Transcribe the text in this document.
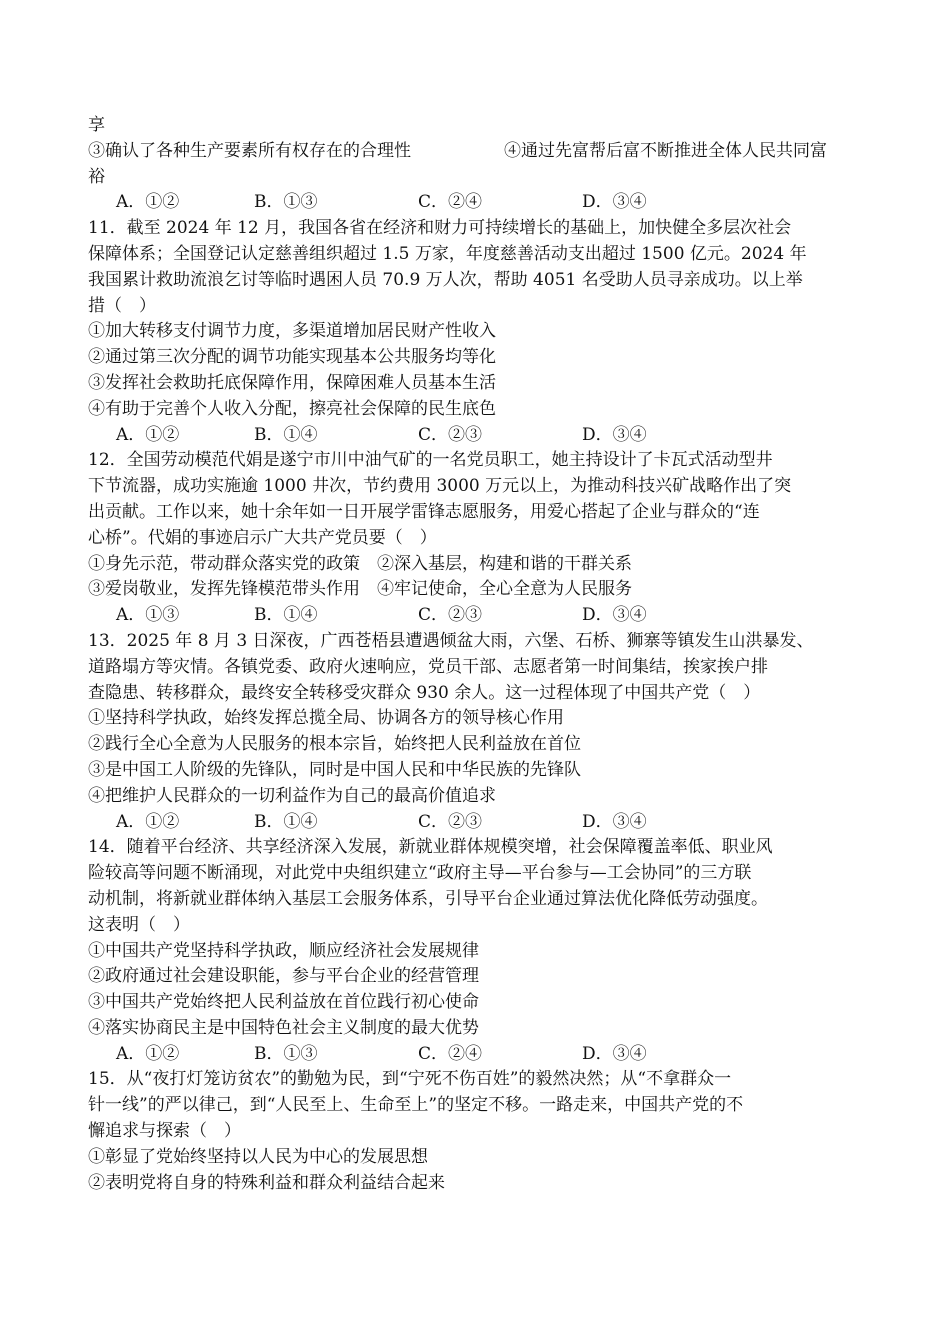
享
③确认了各种生产要素所有权存在的合理性	④通过先富帮后富不断推进全体人民共同富
裕
A．①②	B．①③	C．②④	D．③④
11．截至 2024 年 12 月，我国各省在经济和财力可持续增长的基础上，加快健全多层次社会
保障体系；全国登记认定慈善组织超过 1.5 万家，年度慈善活动支出超过 1500 亿元。2024 年
我国累计救助流浪乞讨等临时遇困人员 70.9 万人次，帮助 4051 名受助人员寻亲成功。以上举
措（　）
①加大转移支付调节力度，多渠道增加居民财产性收入
②通过第三次分配的调节功能实现基本公共服务均等化
③发挥社会救助托底保障作用，保障困难人员基本生活
④有助于完善个人收入分配，擦亮社会保障的民生底色
A．①②	B．①④	C．②③	D．③④
12．全国劳动模范代娟是遂宁市川中油气矿的一名党员职工，她主持设计了卡瓦式活动型井
下节流器，成功实施逾 1000 井次，节约费用 3000 万元以上，为推动科技兴矿战略作出了突
出贡献。工作以来，她十余年如一日开展学雷锋志愿服务，用爱心搭起了企业与群众的“连
心桥”。代娟的事迹启示广大共产党员要（　）
①身先示范，带动群众落实党的政策　②深入基层，构建和谐的干群关系
③爱岗敬业，发挥先锋模范带头作用　④牢记使命，全心全意为人民服务
A．①③	B．①④	C．②③	D．③④
13．2025 年 8 月 3 日深夜，广西苍梧县遭遇倾盆大雨，六堡、石桥、狮寨等镇发生山洪暴发、
道路塌方等灾情。各镇党委、政府火速响应，党员干部、志愿者第一时间集结，挨家挨户排
查隐患、转移群众，最终安全转移受灾群众 930 余人。这一过程体现了中国共产党（　）
①坚持科学执政，始终发挥总揽全局、协调各方的领导核心作用
②践行全心全意为人民服务的根本宗旨，始终把人民利益放在首位
③是中国工人阶级的先锋队，同时是中国人民和中华民族的先锋队
④把维护人民群众的一切利益作为自己的最高价值追求
A．①②	B．①④	C．②③	D．③④
14．随着平台经济、共享经济深入发展，新就业群体规模突增，社会保障覆盖率低、职业风
险较高等问题不断涌现，对此党中央组织建立“政府主导—平台参与—工会协同”的三方联
动机制，将新就业群体纳入基层工会服务体系，引导平台企业通过算法优化降低劳动强度。
这表明（　）
①中国共产党坚持科学执政，顺应经济社会发展规律
②政府通过社会建设职能，参与平台企业的经营管理
③中国共产党始终把人民利益放在首位践行初心使命
④落实协商民主是中国特色社会主义制度的最大优势
A．①②	B．①③	C．②④	D．③④
15．从“夜打灯笼访贫农”的勤勉为民，到“宁死不伤百姓”的毅然决然；从“不拿群众一
针一线”的严以律己，到“人民至上、生命至上”的坚定不移。一路走来，中国共产党的不
懈追求与探索（　）
①彰显了党始终坚持以人民为中心的发展思想
②表明党将自身的特殊利益和群众利益结合起来
